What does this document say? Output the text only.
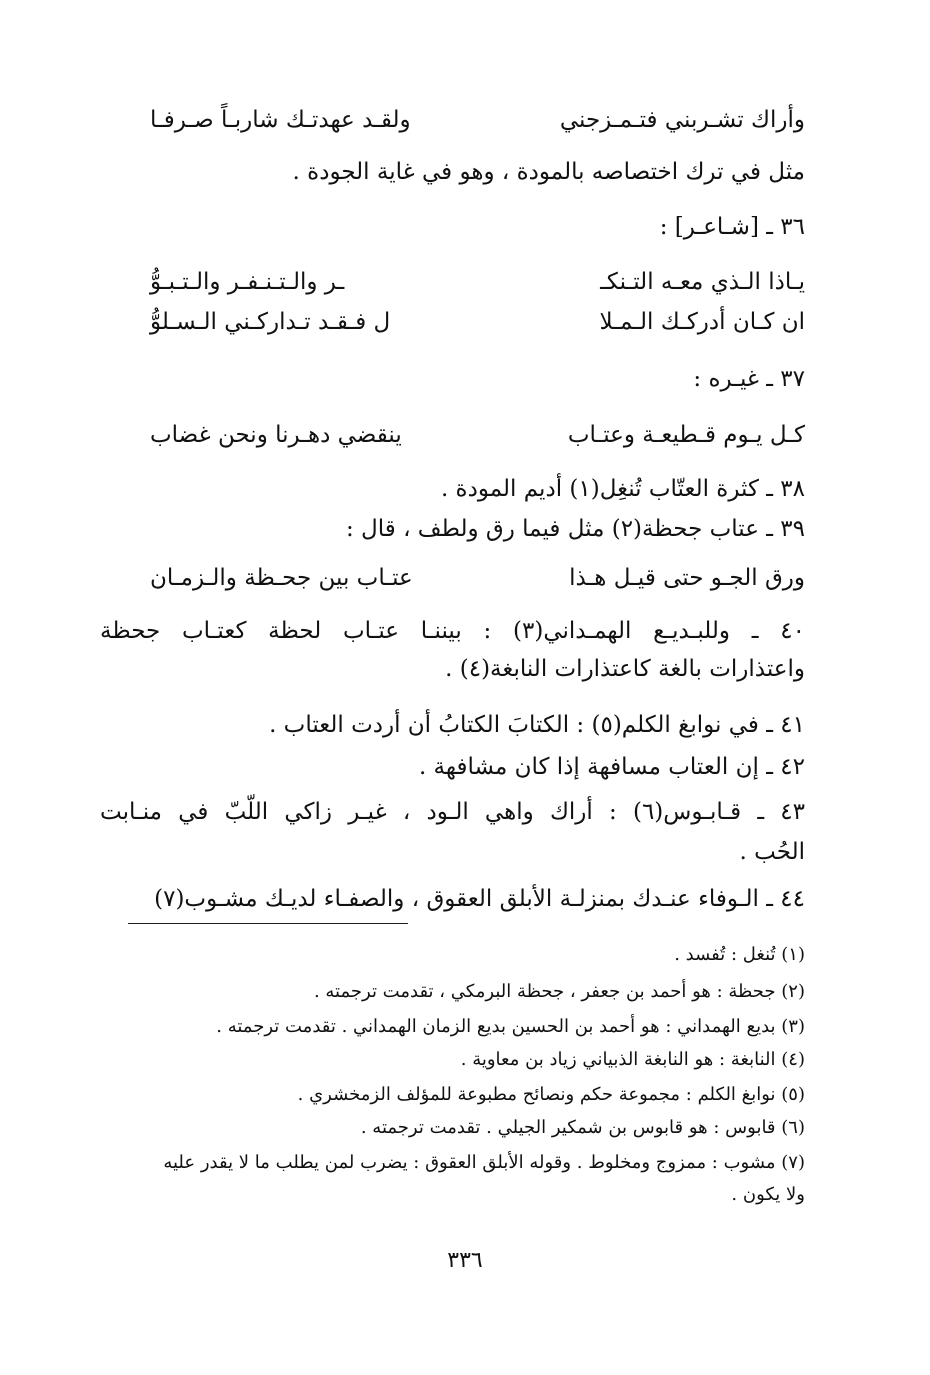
وأراك تشـربني فتـمـزجني
ولقـد عهدتـك شاربـاً صـرفـا
مثل في ترك اختصاصه بالمودة ، وهو في غاية الجودة .
٣٦ ـ [شـاعـر] :
يـاذا الـذي معـه التـنكـ
ـر والـتـنـفـر والـتـبـوُّ
ان كـان أدركـك الـمـلا
ل فـقـد تـداركـني الـسـلوُّ
٣٧ ـ غيـره :
كـل يـوم قـطيعـة وعتـاب
ينقضي دهـرنا ونحن غضاب
٣٨ ـ كثرة العتّاب تُنغِل(١) أديم المودة .
٣٩ ـ عتاب جحظة(٢) مثل فيما رق ولطف ، قال :
ورق الجـو حتى قيـل هـذا
عتـاب بين جحـظة والـزمـان
٤٠ ـ وللبـديـع الهمـداني(٣) : بيننـا عتـاب لحظة كعتـاب جحظة
واعتذارات بالغة كاعتذارات النابغة(٤) .
٤١ ـ في نوابغ الكلم(٥) : الكتابَ الكتابُ أن أردت العتاب .
٤٢ ـ إن العتاب مسافهة إذا كان مشافهة .
٤٣ ـ قـابـوس(٦) : أراك واهي الـود ، غيـر زاكي اللّبّ في منـابت
الحُب .
٤٤ ـ الـوفاء عنـدك بمنزلـة الأبلق العقوق ، والصفـاء لديـك مشـوب(٧)
(١) تُنغل : تُفسد .
(٢) جحظة : هو أحمد بن جعفر ، جحظة البرمكي ، تقدمت ترجمته .
(٣) بديع الهمداني : هو أحمد بن الحسين بديع الزمان الهمداني . تقدمت ترجمته .
(٤) النابغة : هو النابغة الذبياني زياد بن معاوية .
(٥) نوابغ الكلم : مجموعة حكم ونصائح مطبوعة للمؤلف الزمخشري .
(٦) قابوس : هو قابوس بن شمكير الجيلي . تقدمت ترجمته .
(٧) مشوب : ممزوج ومخلوط . وقوله الأبلق العقوق : يضرب لمن يطلب ما لا يقدر عليه
ولا يكون .
٣٣٦
